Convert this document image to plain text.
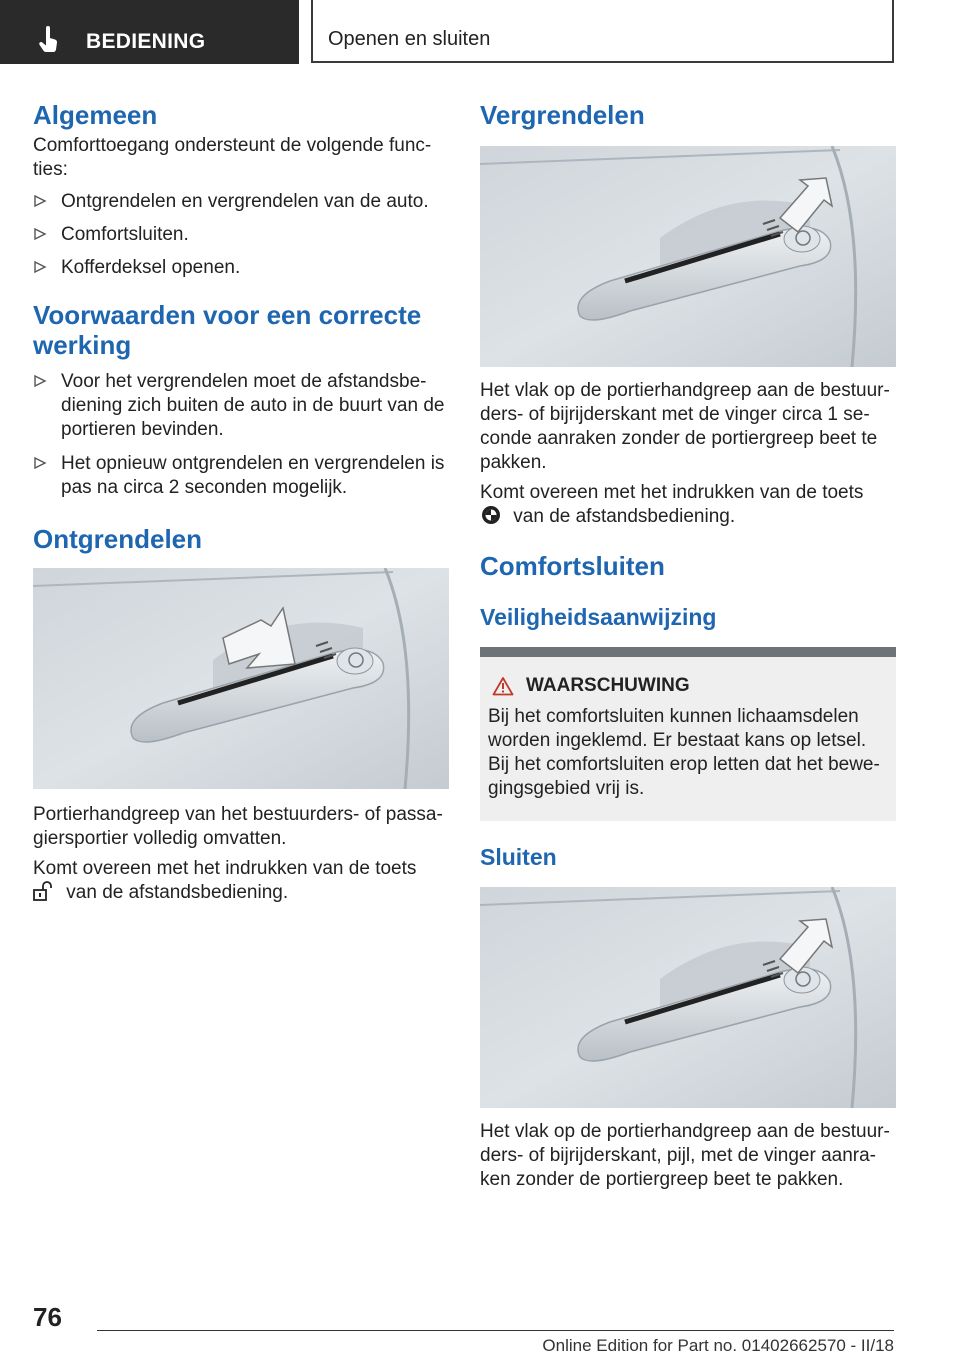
BEDIENING	Openen en sluiten
Algemeen

Comforttoegang ondersteunt de volgende func-ties:

Ontgrendelen en vergrendelen van de auto.
Comfortsluiten.
Kofferdeksel openen.
Voorwaarden voor een correcte werking
Voor het vergrendelen moet de afstandsbe-diening zich buiten de auto in de buurt van de portieren bevinden.
Het opnieuw ontgrendelen en vergrendelen is pas na circa 2 seconden mogelijk.
Ontgrendelen

Portierhandgreep van het bestuurders- of passa-giersportier volledig omvatten.

Komt overeen met het indrukken van de toets
van de afstandsbediening.

Vergrendelen

Het vlak op de portierhandgreep aan de bestuur-ders- of bijrijderskant met de vinger circa 1 se-conde aanraken zonder de portiergreep beet te pakken.

Komt overeen met het indrukken van de toets
van de afstandsbediening.

Comfortsluiten
Veiligheidsaanwijzing
WAARSCHUWING

Bij het comfortsluiten kunnen lichaamsdelen worden ingeklemd. Er bestaat kans op letsel. Bij het comfortsluiten erop letten dat het bewe-gingsgebied vrij is.

Sluiten

Het vlak op de portierhandgreep aan de bestuur-ders- of bijrijderskant, pijl, met de vinger aanra-ken zonder de portiergreep beet te pakken.

76
Online Edition for Part no. 01402662570 - II/18
